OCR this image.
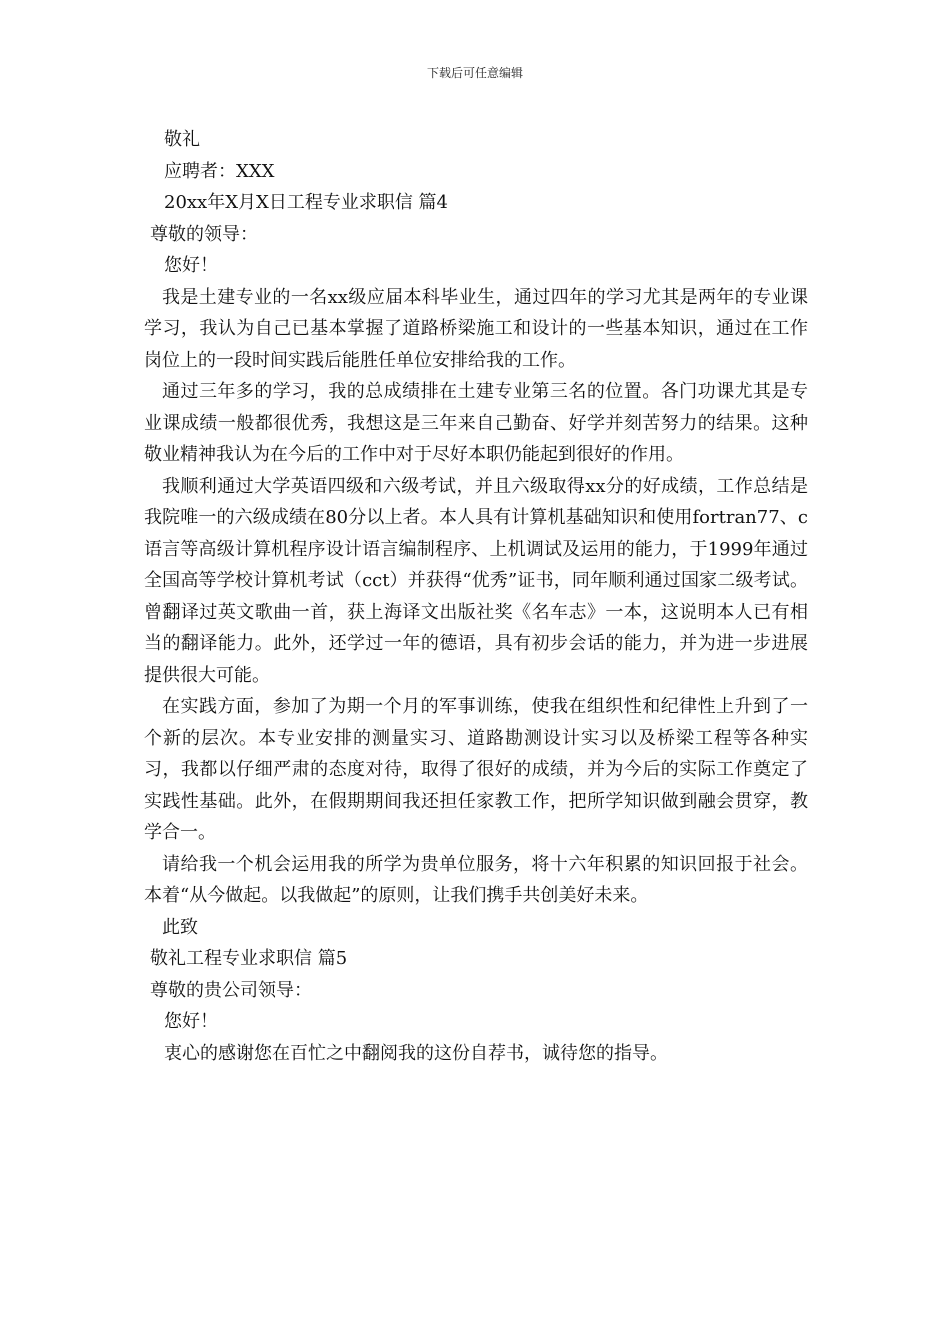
下载后可任意编辑
敬礼
应聘者：XXX
20xx年X月X日工程专业求职信 篇4
尊敬的领导：
您好！

我是土建专业的一名xx级应届本科毕业生，通过四年的学习尤其是两年的专业课学习，我认为自己已基本掌握了道路桥梁施工和设计的一些基本知识，通过在工作岗位上的一段时间实践后能胜任单位安排给我的工作。

通过三年多的学习，我的总成绩排在土建专业第三名的位置。各门功课尤其是专业课成绩一般都很优秀，我想这是三年来自己勤奋、好学并刻苦努力的结果。这种敬业精神我认为在今后的工作中对于尽好本职仍能起到很好的作用。

我顺利通过大学英语四级和六级考试，并且六级取得xx分的好成绩，工作总结是我院唯一的六级成绩在80分以上者。本人具有计算机基础知识和使用fortran77、c语言等高级计算机程序设计语言编制程序、上机调试及运用的能力，于1999年通过全国高等学校计算机考试（cct）并获得“优秀”证书，同年顺利通过国家二级考试。曾翻译过英文歌曲一首，获上海译文出版社奖《名车志》一本，这说明本人已有相当的翻译能力。此外，还学过一年的德语，具有初步会话的能力，并为进一步进展提供很大可能。

在实践方面，参加了为期一个月的军事训练，使我在组织性和纪律性上升到了一个新的层次。本专业安排的测量实习、道路勘测设计实习以及桥梁工程等各种实习，我都以仔细严肃的态度对待，取得了很好的成绩，并为今后的实际工作奠定了实践性基础。此外，在假期期间我还担任家教工作，把所学知识做到融会贯穿，教学合一。

请给我一个机会运用我的所学为贵单位服务，将十六年积累的知识回报于社会。本着“从今做起。以我做起”的原则，让我们携手共创美好未来。

此致
敬礼工程专业求职信 篇5
尊敬的贵公司领导：
您好！
衷心的感谢您在百忙之中翻阅我的这份自荐书，诚待您的指导。
